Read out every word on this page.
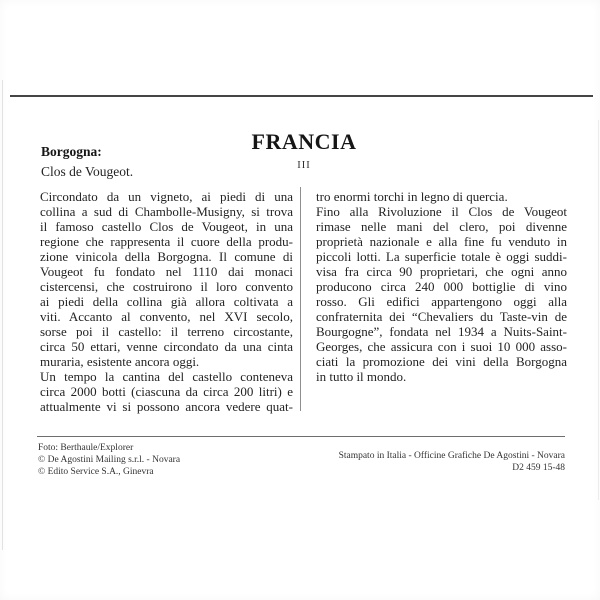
FRANCIA
III
Borgogna:
Clos de Vougeot.
Circondato da un vigneto, ai piedi di una
collina a sud di Chambolle-Musigny, si trova
il famoso castello Clos de Vougeot, in una
regione che rappresenta il cuore della produ-
zione vinicola della Borgogna. Il comune di
Vougeot fu fondato nel 1110 dai monaci
cistercensi, che costruirono il loro convento
ai piedi della collina già allora coltivata a
viti. Accanto al convento, nel XVI secolo,
sorse poi il castello: il terreno circostante,
circa 50 ettari, venne circondato da una cinta
muraria, esistente ancora oggi.
Un tempo la cantina del castello conteneva
circa 2000 botti (ciascuna da circa 200 litri) e
attualmente vi si possono ancora vedere quat-
tro enormi torchi in legno di quercia.
Fino alla Rivoluzione il Clos de Vougeot
rimase nelle mani del clero, poi divenne
proprietà nazionale e alla fine fu venduto in
piccoli lotti. La superficie totale è oggi suddi-
visa fra circa 90 proprietari, che ogni anno
producono circa 240 000 bottiglie di vino
rosso. Gli edifici appartengono oggi alla
confraternita dei “Chevaliers du Taste-vin de
Bourgogne”, fondata nel 1934 a Nuits-Saint-
Georges, che assicura con i suoi 10 000 asso-
ciati la promozione dei vini della Borgogna
in tutto il mondo.
Foto: Berthaule/Explorer
© De Agostini Mailing s.r.l. - Novara
© Edito Service S.A., Ginevra
Stampato in Italia - Officine Grafiche De Agostini - Novara
D2 459 15-48
